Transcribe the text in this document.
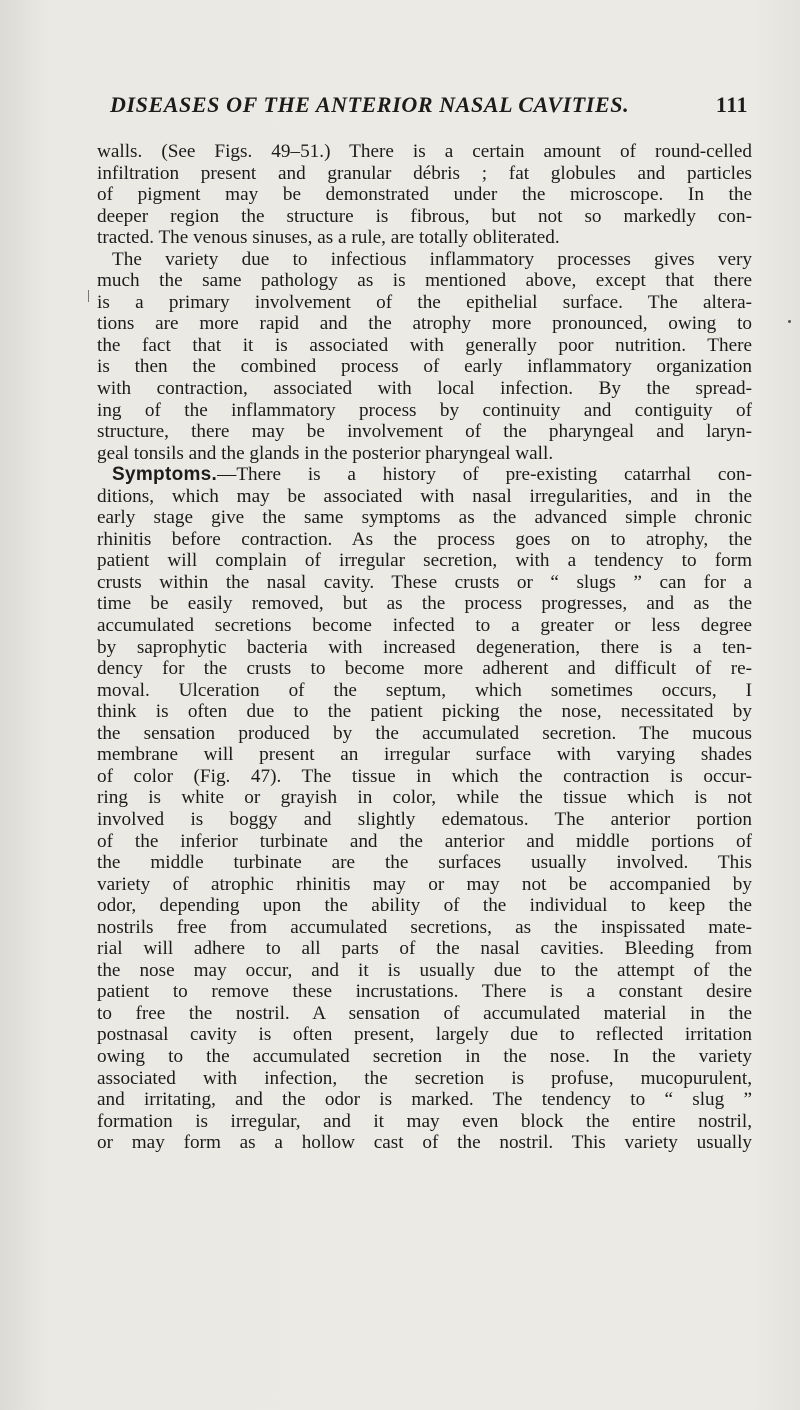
DISEASES OF THE ANTERIOR NASAL CAVITIES.	111
walls. (See Figs. 49–51.) There is a certain amount of round-celled
infiltration present and granular débris ; fat globules and particles
of pigment may be demonstrated under the microscope. In the
deeper region the structure is fibrous, but not so markedly con-
tracted. The venous sinuses, as a rule, are totally obliterated.
The variety due to infectious inflammatory processes gives very
much the same pathology as is mentioned above, except that there
is a primary involvement of the epithelial surface. The altera-
tions are more rapid and the atrophy more pronounced, owing to
the fact that it is associated with generally poor nutrition. There
is then the combined process of early inflammatory organization
with contraction, associated with local infection. By the spread-
ing of the inflammatory process by continuity and contiguity of
structure, there may be involvement of the pharyngeal and laryn-
geal tonsils and the glands in the posterior pharyngeal wall.
Symptoms.—There is a history of pre-existing catarrhal con-
ditions, which may be associated with nasal irregularities, and in the
early stage give the same symptoms as the advanced simple chronic
rhinitis before contraction. As the process goes on to atrophy, the
patient will complain of irregular secretion, with a tendency to form
crusts within the nasal cavity. These crusts or “ slugs ” can for a
time be easily removed, but as the process progresses, and as the
accumulated secretions become infected to a greater or less degree
by saprophytic bacteria with increased degeneration, there is a ten-
dency for the crusts to become more adherent and difficult of re-
moval. Ulceration of the septum, which sometimes occurs, I
think is often due to the patient picking the nose, necessitated by
the sensation produced by the accumulated secretion. The mucous
membrane will present an irregular surface with varying shades
of color (Fig. 47). The tissue in which the contraction is occur-
ring is white or grayish in color, while the tissue which is not
involved is boggy and slightly edematous. The anterior portion
of the inferior turbinate and the anterior and middle portions of
the middle turbinate are the surfaces usually involved. This
variety of atrophic rhinitis may or may not be accompanied by
odor, depending upon the ability of the individual to keep the
nostrils free from accumulated secretions, as the inspissated mate-
rial will adhere to all parts of the nasal cavities. Bleeding from
the nose may occur, and it is usually due to the attempt of the
patient to remove these incrustations. There is a constant desire
to free the nostril. A sensation of accumulated material in the
postnasal cavity is often present, largely due to reflected irritation
owing to the accumulated secretion in the nose. In the variety
associated with infection, the secretion is profuse, mucopurulent,
and irritating, and the odor is marked. The tendency to “ slug ”
formation is irregular, and it may even block the entire nostril,
or may form as a hollow cast of the nostril. This variety usually
